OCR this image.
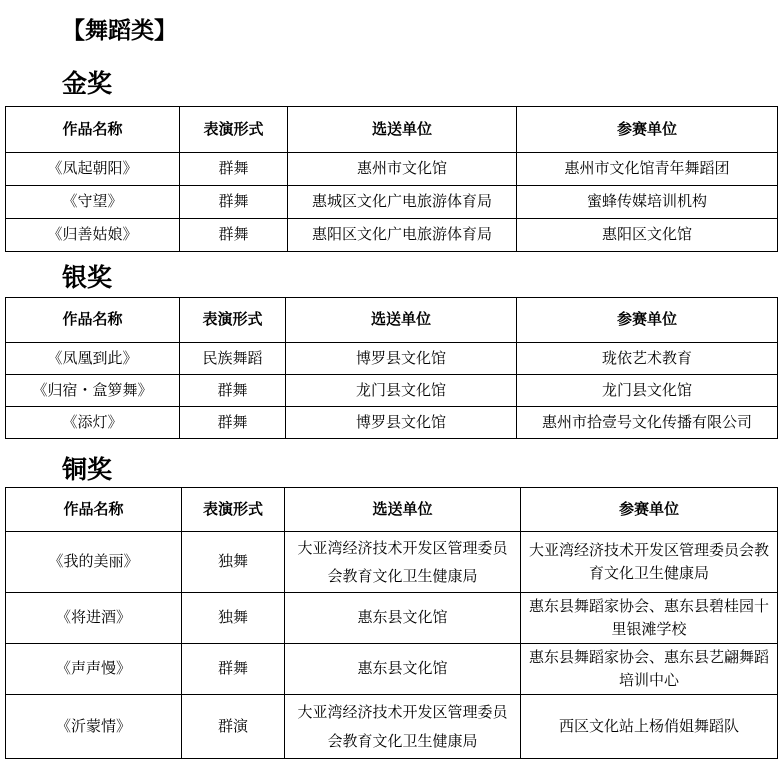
【舞蹈类】
金奖
作品名称	表演形式	选送单位	参赛单位
《凤起朝阳》	群舞	惠州市文化馆	惠州市文化馆青年舞蹈团
《守望》	群舞	惠城区文化广电旅游体育局	蜜蜂传媒培训机构
《归善姑娘》	群舞	惠阳区文化广电旅游体育局	惠阳区文化馆
银奖
作品名称	表演形式	选送单位	参赛单位
《凤凰到此》	民族舞蹈	博罗县文化馆	珑依艺术教育
《归宿・盒箩舞》	群舞	龙门县文化馆	龙门县文化馆
《添灯》	群舞	博罗县文化馆	惠州市拾壹号文化传播有限公司
铜奖
作品名称	表演形式	选送单位	参赛单位
《我的美丽》	独舞	大亚湾经济技术开发区管理委员会教育文化卫生健康局	大亚湾经济技术开发区管理委员会教育文化卫生健康局
《将进酒》	独舞	惠东县文化馆	惠东县舞蹈家协会、惠东县碧桂园十里银滩学校
《声声慢》	群舞	惠东县文化馆	惠东县舞蹈家协会、惠东县艺翩舞蹈培训中心
《沂蒙情》	群演	大亚湾经济技术开发区管理委员会教育文化卫生健康局	西区文化站上杨俏姐舞蹈队
